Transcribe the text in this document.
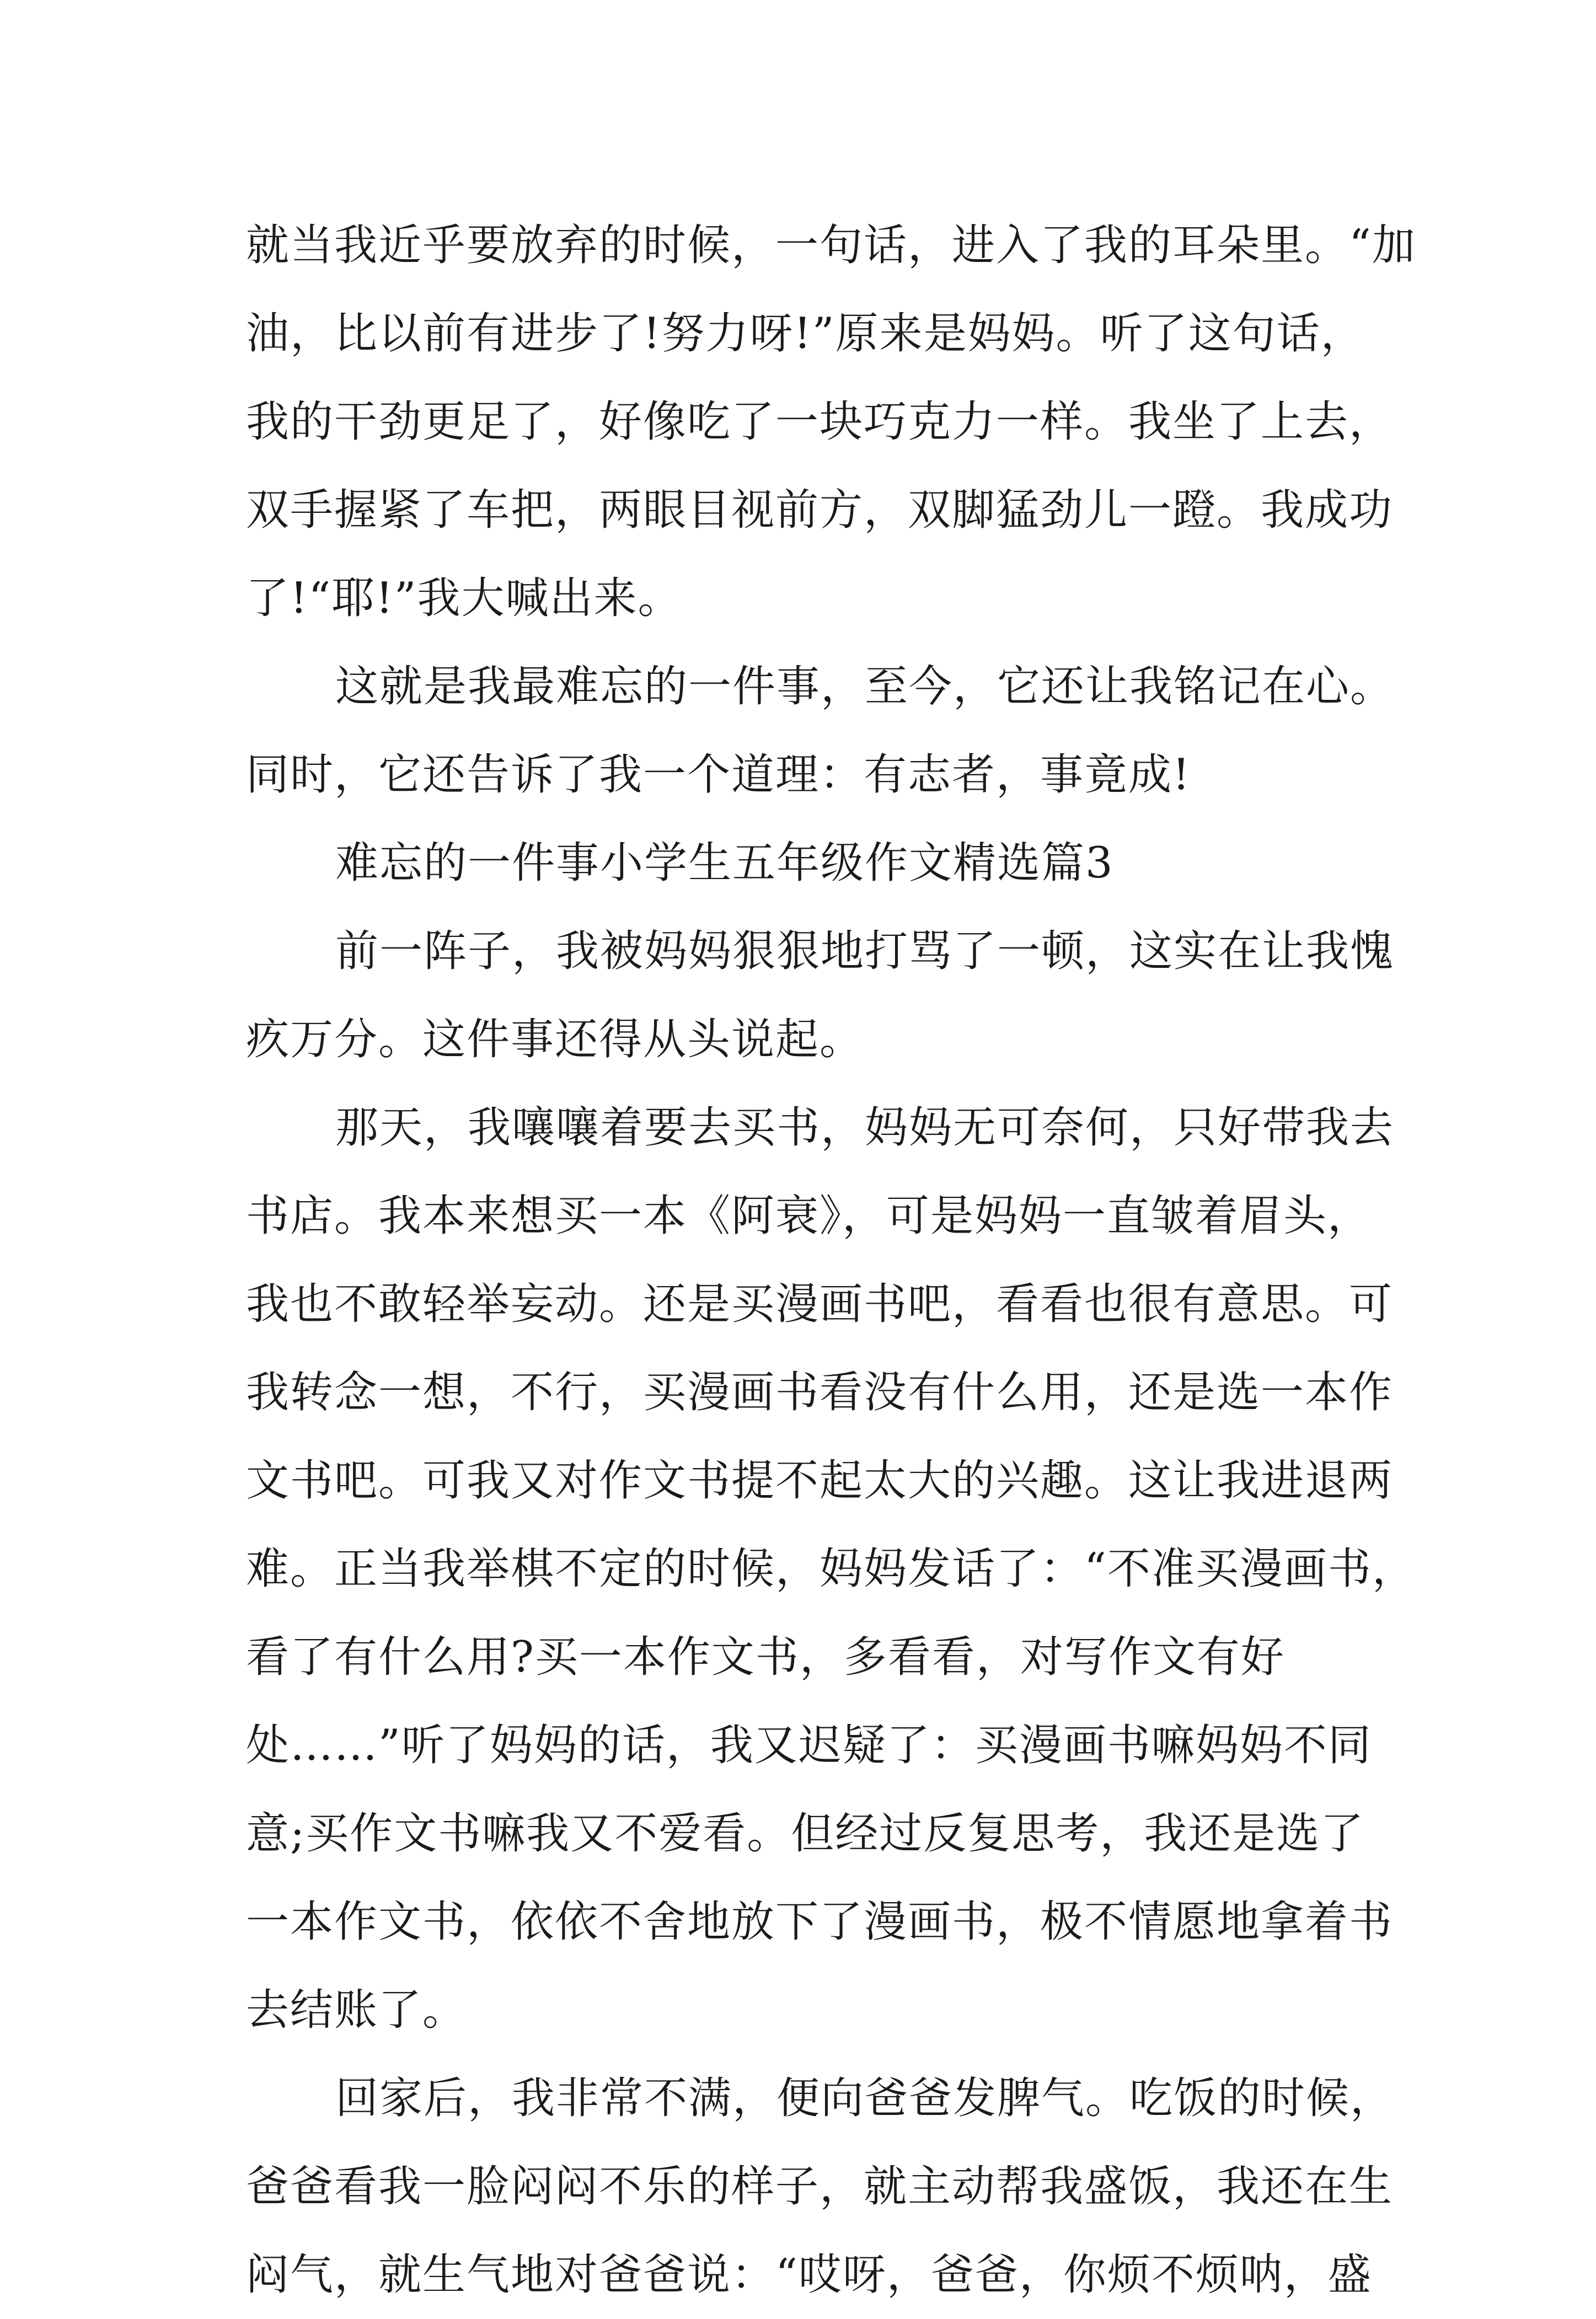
就当我近乎要放弃的时候，一句话，进入了我的耳朵里。“加
油，比以前有进步了!努力呀!”原来是妈妈。听了这句话，
我的干劲更足了，好像吃了一块巧克力一样。我坐了上去，
双手握紧了车把，两眼目视前方，双脚猛劲儿一蹬。我成功
了!“耶!”我大喊出来。
这就是我最难忘的一件事，至今，它还让我铭记在心。
同时，它还告诉了我一个道理：有志者，事竟成!
难忘的一件事小学生五年级作文精选篇3
前一阵子，我被妈妈狠狠地打骂了一顿，这实在让我愧
疚万分。这件事还得从头说起。
那天，我嚷嚷着要去买书，妈妈无可奈何，只好带我去
书店。我本来想买一本《阿衰》，可是妈妈一直皱着眉头，
我也不敢轻举妄动。还是买漫画书吧，看看也很有意思。可
我转念一想，不行，买漫画书看没有什么用，还是选一本作
文书吧。可我又对作文书提不起太大的兴趣。这让我进退两
难。正当我举棋不定的时候，妈妈发话了：“不准买漫画书，
看了有什么用?买一本作文书，多看看，对写作文有好
处……”听了妈妈的话，我又迟疑了：买漫画书嘛妈妈不同
意;买作文书嘛我又不爱看。但经过反复思考，我还是选了
一本作文书，依依不舍地放下了漫画书，极不情愿地拿着书
去结账了。
回家后，我非常不满，便向爸爸发脾气。吃饭的时候，
爸爸看我一脸闷闷不乐的样子，就主动帮我盛饭，我还在生
闷气，就生气地对爸爸说：“哎呀，爸爸，你烦不烦呐，盛
